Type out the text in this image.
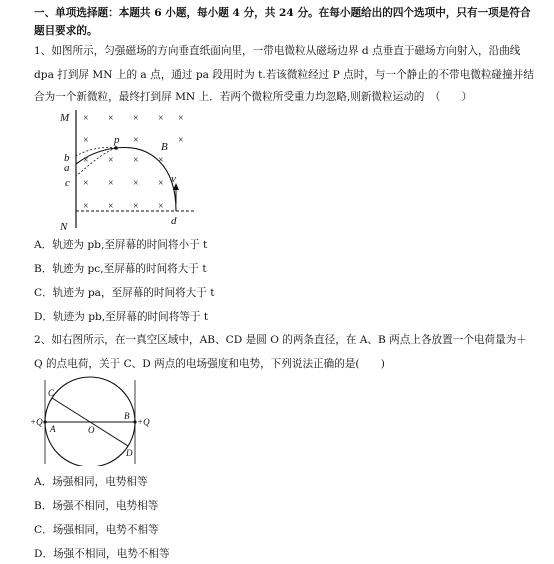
一、单项选择题：本题共 6 小题，每小题 4 分，共 24 分。在每小题给出的四个选项中，只有一项是符合
题目要求的。
1、如图所示，匀强磁场的方向垂直纸面向里，一带电微粒从磁场边界 d 点垂直于磁场方向射入，沿曲线
dpa 打到屏 MN 上的 a 点，通过 pa 段用时为 t.若该微粒经过 P 点时，与一个静止的不带电微粒碰撞并结
合为一个新微粒，最终打到屏 MN 上．若两个微粒所受重力均忽略,则新微粒运动的　（　　）
× × × × ×
×	×	×
× × × ×
× × × ×
× × × ×
M
N
b
a
c
p
B
v
d
A．轨迹为 pb,至屏幕的时间将小于 t
B．轨迹为 pc,至屏幕的时间将大于 t
C．轨迹为 pa，至屏幕的时间将大于 t
D．轨迹为 pb,至屏幕的时间将等于 t
2、如右图所示，在一真空区域中，AB、CD 是圆 O 的两条直径，在 A、B 两点上各放置一个电荷量为＋
Q 的点电荷，关于 C、D 两点的电场强度和电势，下列说法正确的是(　　)
+Q	+Q
A
B
C
D
O
A．场强相同，电势相等
B．场强不相同，电势相等
C．场强相同，电势不相等
D．场强不相同，电势不相等
